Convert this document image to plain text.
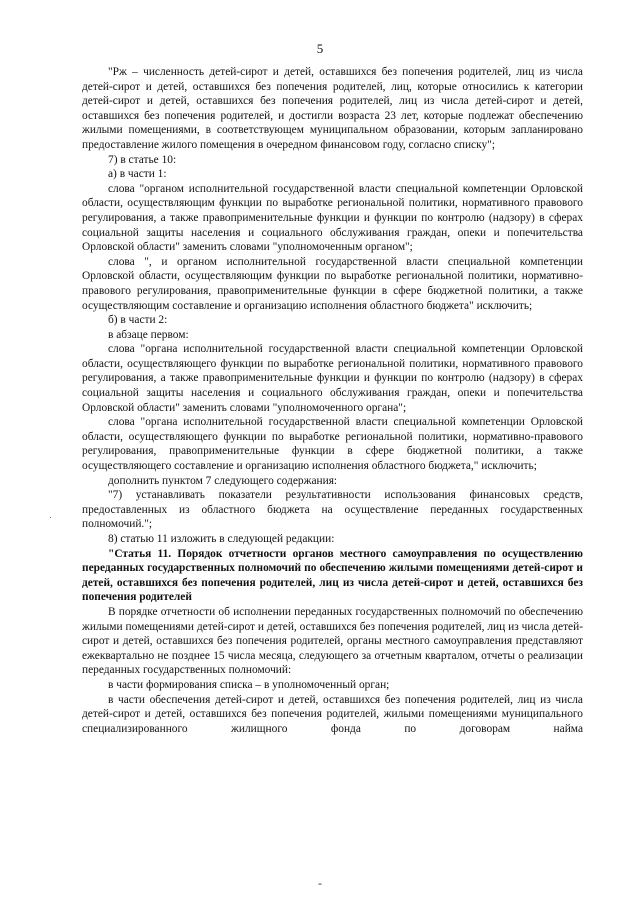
5

"Рж – численность детей-сирот и детей, оставшихся без попечения родителей, лиц из числа детей-сирот и детей, оставшихся без попечения родителей, лиц, которые относились к категории детей-сирот и детей, оставшихся без попечения родителей, лиц из числа детей-сирот и детей, оставшихся без попечения родителей, и достигли возраста 23 лет, которые подлежат обеспечению жилыми помещениями, в соответствующем муниципальном образовании, которым запланировано предоставление жилого помещения в очередном финансовом году, согласно списку";

7) в статье 10:

а) в части 1:

слова "органом исполнительной государственной власти специальной компетенции Орловской области, осуществляющим функции по выработке региональной политики, нормативного правового регулирования, а также правоприменительные функции и функции по контролю (надзору) в сферах социальной защиты населения и социального обслуживания граждан, опеки и попечительства Орловской области" заменить словами "уполномоченным органом";

слова ", и органом исполнительной государственной власти специальной компетенции Орловской области, осуществляющим функции по выработке региональной политики, нормативно-правового регулирования, правоприменительные функции в сфере бюджетной политики, а также осуществляющим составление и организацию исполнения областного бюджета" исключить;

б) в части 2:

в абзаце первом:

слова "органа исполнительной государственной власти специальной компетенции Орловской области, осуществляющего функции по выработке региональной политики, нормативного правового регулирования, а также правоприменительные функции и функции по контролю (надзору) в сферах социальной защиты населения и социального обслуживания граждан, опеки и попечительства Орловской области" заменить словами "уполномоченного органа";

слова "органа исполнительной государственной власти специальной компетенции Орловской области, осуществляющего функции по выработке региональной политики, нормативно-правового регулирования, правоприменительные функции в сфере бюджетной политики, а также осуществляющего составление и организацию исполнения областного бюджета," исключить;

дополнить пунктом 7 следующего содержания:

"7) устанавливать показатели результативности использования финансовых средств, предоставленных из областного бюджета на осуществление переданных государственных полномочий.";

8) статью 11 изложить в следующей редакции:

"Статья 11. Порядок отчетности органов местного самоуправления по осуществлению переданных государственных полномочий по обеспечению жилыми помещениями детей-сирот и детей, оставшихся без попечения родителей, лиц из числа детей-сирот и детей, оставшихся без попечения родителей

В порядке отчетности об исполнении переданных государственных полномочий по обеспечению жилыми помещениями детей-сирот и детей, оставшихся без попечения родителей, лиц из числа детей-сирот и детей, оставшихся без попечения родителей, органы местного самоуправления представляют ежеквартально не позднее 15 числа месяца, следующего за отчетным кварталом, отчеты о реализации переданных государственных полномочий:

в части формирования списка – в уполномоченный орган;

в части обеспечения детей-сирот и детей, оставшихся без попечения родителей, лиц из числа детей-сирот и детей, оставшихся без попечения родителей, жилыми помещениями муниципального специализированного жилищного фонда по договорам найма

-
